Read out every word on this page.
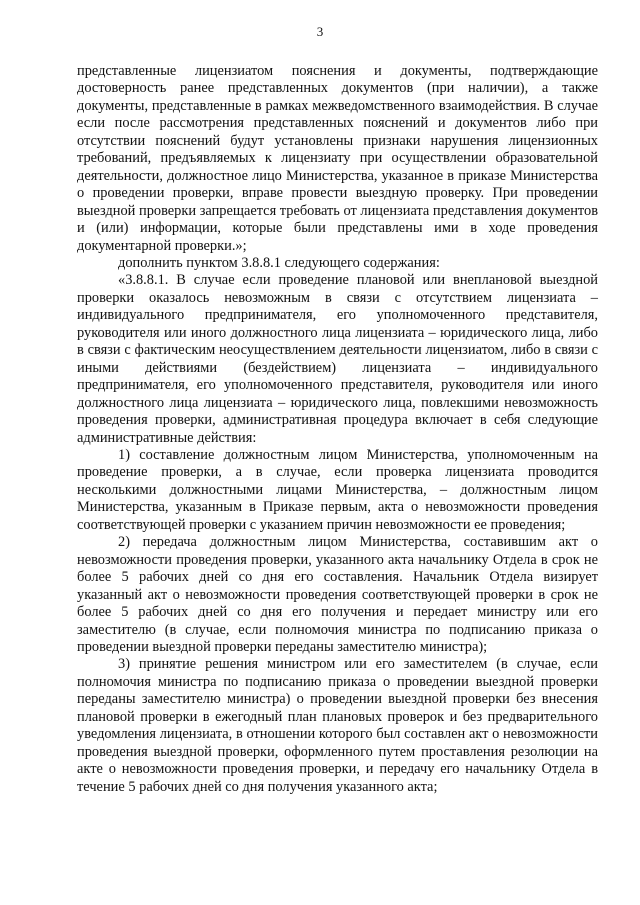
3

представленные лицензиатом пояснения и документы, подтверждающие достоверность ранее представленных документов (при наличии), а также документы, представленные в рамках межведомственного взаимодействия. В случае если после рассмотрения представленных пояснений и документов либо при отсутствии пояснений будут установлены признаки нарушения лицензионных требований, предъявляемых к лицензиату при осуществлении образовательной деятельности, должностное лицо Министерства, указанное в приказе Министерства о проведении проверки, вправе провести выездную проверку. При проведении выездной проверки запрещается требовать от лицензиата представления документов и (или) информации, которые были представлены ими в ходе проведения документарной проверки.»;

дополнить пунктом 3.8.8.1 следующего содержания:

«3.8.8.1. В случае если проведение плановой или внеплановой выездной проверки оказалось невозможным в связи с отсутствием лицензиата – индивидуального предпринимателя, его уполномоченного представителя, руководителя или иного должностного лица лицензиата – юридического лица, либо в связи с фактическим неосуществлением деятельности лицензиатом, либо в связи с иными действиями (бездействием) лицензиата – индивидуального предпринимателя, его уполномоченного представителя, руководителя или иного должностного лица лицензиата – юридического лица, повлекшими невозможность проведения проверки, административная процедура включает в себя следующие административные действия:

1) составление должностным лицом Министерства, уполномоченным на проведение проверки, а в случае, если проверка лицензиата проводится несколькими должностными лицами Министерства, – должностным лицом Министерства, указанным в Приказе первым, акта о невозможности проведения соответствующей проверки с указанием причин невозможности ее проведения;

2) передача должностным лицом Министерства, составившим акт о невозможности проведения проверки, указанного акта начальнику Отдела в срок не более 5 рабочих дней со дня его составления. Начальник Отдела визирует указанный акт о невозможности проведения соответствующей проверки в срок не более 5 рабочих дней со дня его получения и передает министру или его заместителю (в случае, если полномочия министра по подписанию приказа о проведении выездной проверки переданы заместителю министра);

3) принятие решения министром или его заместителем (в случае, если полномочия министра по подписанию приказа о проведении выездной проверки переданы заместителю министра) о проведении выездной проверки без внесения плановой проверки в ежегодный план плановых проверок и без предварительного уведомления лицензиата, в отношении которого был составлен акт о невозможности проведения выездной проверки, оформленного путем проставления резолюции на акте о невозможности проведения проверки, и передачу его начальнику Отдела в течение 5 рабочих дней со дня получения указанного акта;
